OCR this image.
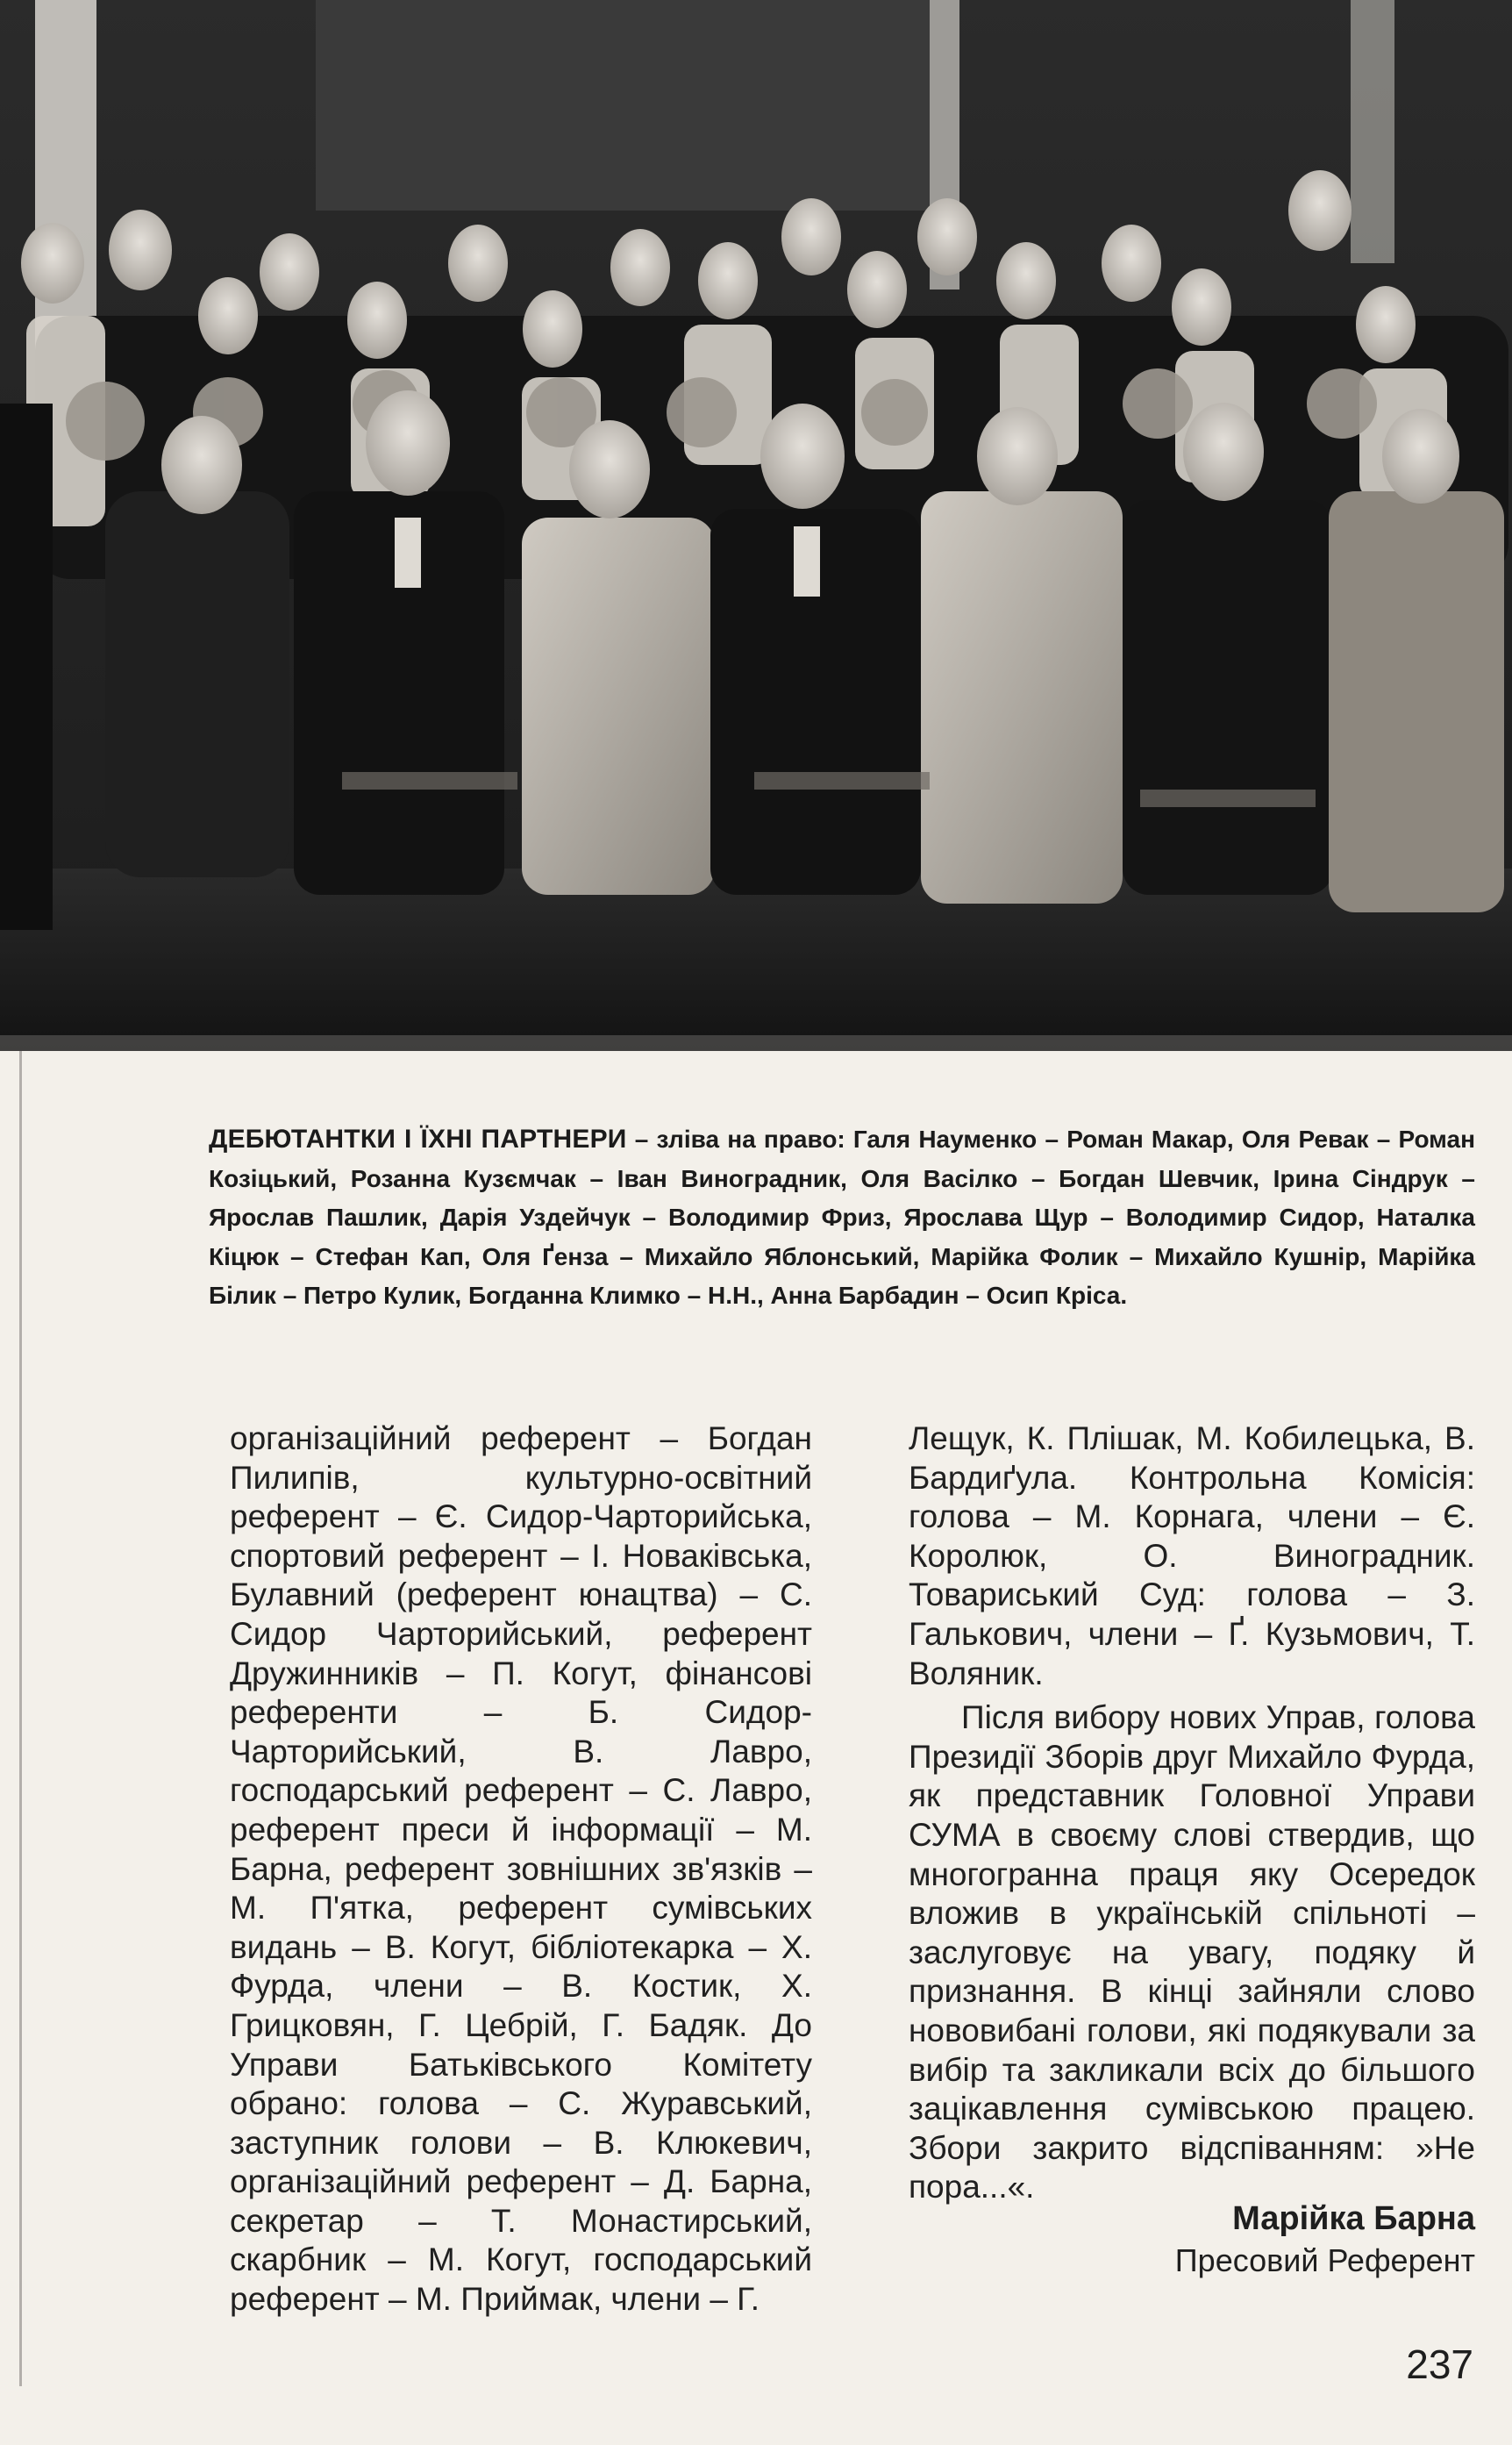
ДЕБЮТАНТКИ І ЇХНІ ПАРТНЕРИ – зліва на право: Галя Науменко – Роман Макар, Оля Ревак – Роман Козіцький, Розанна Кузємчак – Іван Виноградник, Оля Васілко – Богдан Шевчик, Ірина Сіндрук – Ярослав Пашлик, Дарія Уздейчук – Володимир Фриз, Ярослава Щур – Володимир Сидор, Наталка Кіцюк – Стефан Кап, Оля Ґенза – Михайло Яблонський, Марійка Фолик – Михайло Кушнір, Марійка Білик – Петро Кулик, Богданна Климко – Н.Н., Анна Барбадин – Осип Кріса.
організаційний референт – Богдан Пилипів, культурно-освітний референт – Є. Сидор-Чарторийська, спортовий референт – І. Новаківська, Булавний (референт юнацтва) – С. Сидор Чарторийський, референт Дружинників – П. Когут, фінансові референти – Б. Сидор-Чарторийський, В. Лавро, господарський референт – С. Лавро, референт преси й інформації – М. Барна, референт зовнішних зв'язків – М. П'ятка, референт сумівських видань – В. Когут, бібліотекарка – Х. Фурда, члени – В. Костик, Х. Грицковян, Г. Цебрій, Г. Бадяк. До Управи Батьківського Комітету обрано: голова – С. Журавський, заступник голови – В. Клюкевич, організаційний референт – Д. Барна, секретар – Т. Монастирський, скарбник – М. Когут, господарський референт – М. Приймак, члени – Г.

Лещук, К. Плішак, М. Кобилецька, В. Бардиґула. Контрольна Комісія: голова – М. Корнага, члени – Є. Королюк, О. Виноградник. Товариський Суд: голова – З. Галькович, члени – Ґ. Кузьмович, Т. Воляник.

Після вибору нових Управ, голова Президії Зборів друг Михайло Фурда, як представник Головної Управи СУМА в своєму слові ствердив, що многогранна праця яку Осередок вложив в українській спільноті – заслуговує на увагу, подяку й признання. В кінці зайняли слово нововибані голови, які подякували за вибір та закликали всіх до більшого зацікавлення сумівською працею. Збори закрито відспіванням: »Не пора...«.

Марійка Барна
Пресовий Референт
237
